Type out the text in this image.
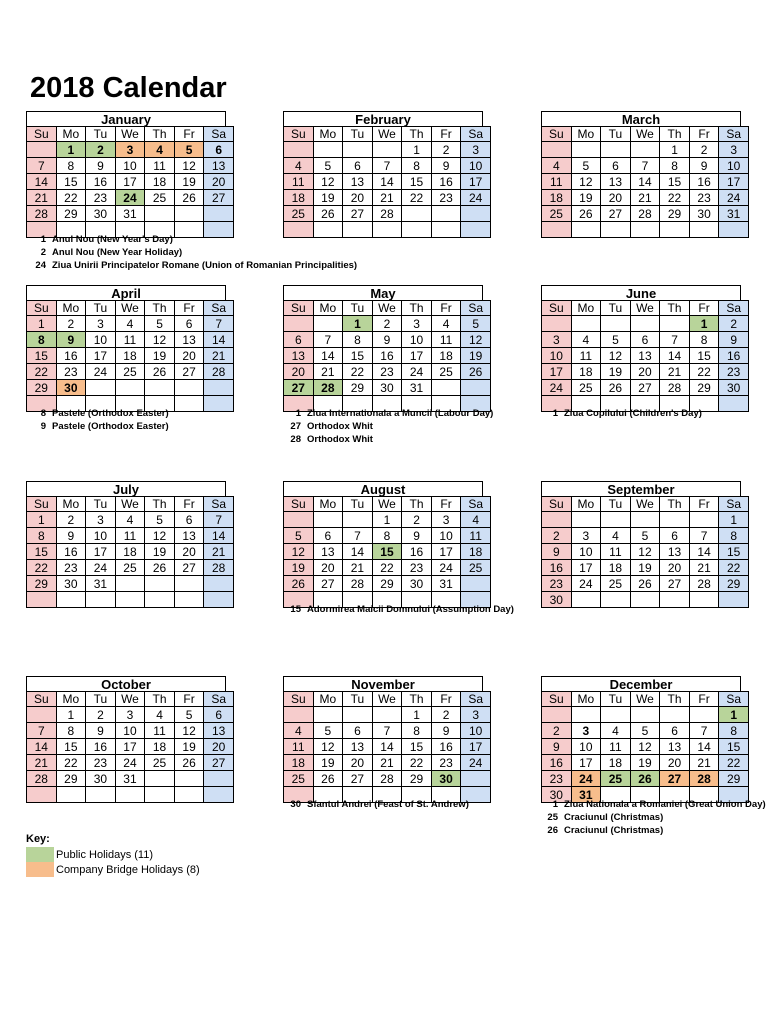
2018 Calendar
January
Su	Mo	Tu	We	Th	Fr	Sa
	1	2	3	4	5	6
7	8	9	10	11	12	13
14	15	16	17	18	19	20
21	22	23	24	25	26	27
28	29	30	31			

1 Anul Nou (New Year's Day)
2 Anul Nou (New Year Holiday)
24 Ziua Unirii Principatelor Romane (Union of Romanian Principalities)
February
Su	Mo	Tu	We	Th	Fr	Sa
				1	2	3
4	5	6	7	8	9	10
11	12	13	14	15	16	17
18	19	20	21	22	23	24
25	26	27	28			

March
Su	Mo	Tu	We	Th	Fr	Sa
				1	2	3
4	5	6	7	8	9	10
11	12	13	14	15	16	17
18	19	20	21	22	23	24
25	26	27	28	29	30	31

April
Su	Mo	Tu	We	Th	Fr	Sa
1	2	3	4	5	6	7
8	9	10	11	12	13	14
15	16	17	18	19	20	21
22	23	24	25	26	27	28
29	30					

8 Pastele (Orthodox Easter)
9 Pastele (Orthodox Easter)
May
Su	Mo	Tu	We	Th	Fr	Sa
		1	2	3	4	5
6	7	8	9	10	11	12
13	14	15	16	17	18	19
20	21	22	23	24	25	26
27	28	29	30	31		

1 Ziua Internationala a Muncii (Labour Day)
27 Orthodox Whit
28 Orthodox Whit
June
Su	Mo	Tu	We	Th	Fr	Sa
					1	2
3	4	5	6	7	8	9
10	11	12	13	14	15	16
17	18	19	20	21	22	23
24	25	26	27	28	29	30

1 Ziua Copilului (Children's Day)
July
Su	Mo	Tu	We	Th	Fr	Sa
1	2	3	4	5	6	7
8	9	10	11	12	13	14
15	16	17	18	19	20	21
22	23	24	25	26	27	28
29	30	31				

August
Su	Mo	Tu	We	Th	Fr	Sa
			1	2	3	4
5	6	7	8	9	10	11
12	13	14	15	16	17	18
19	20	21	22	23	24	25
26	27	28	29	30	31	

15 Adormirea Maicii Domnului (Assumption Day)
September
Su	Mo	Tu	We	Th	Fr	Sa
						1
2	3	4	5	6	7	8
9	10	11	12	13	14	15
16	17	18	19	20	21	22
23	24	25	26	27	28	29
30						
October
Su	Mo	Tu	We	Th	Fr	Sa
	1	2	3	4	5	6
7	8	9	10	11	12	13
14	15	16	17	18	19	20
21	22	23	24	25	26	27
28	29	30	31			

November
Su	Mo	Tu	We	Th	Fr	Sa
				1	2	3
4	5	6	7	8	9	10
11	12	13	14	15	16	17
18	19	20	21	22	23	24
25	26	27	28	29	30	

30 Sfantul Andrei (Feast of St. Andrew)
December
Su	Mo	Tu	We	Th	Fr	Sa
						1
2	3	4	5	6	7	8
9	10	11	12	13	14	15
16	17	18	19	20	21	22
23	24	25	26	27	28	29
30	31					
1 Ziua Nationala a Romaniei (Great Union Day)
25 Craciunul (Christmas)
26 Craciunul (Christmas)
Key:
Public Holidays (11)
Company Bridge Holidays (8)
